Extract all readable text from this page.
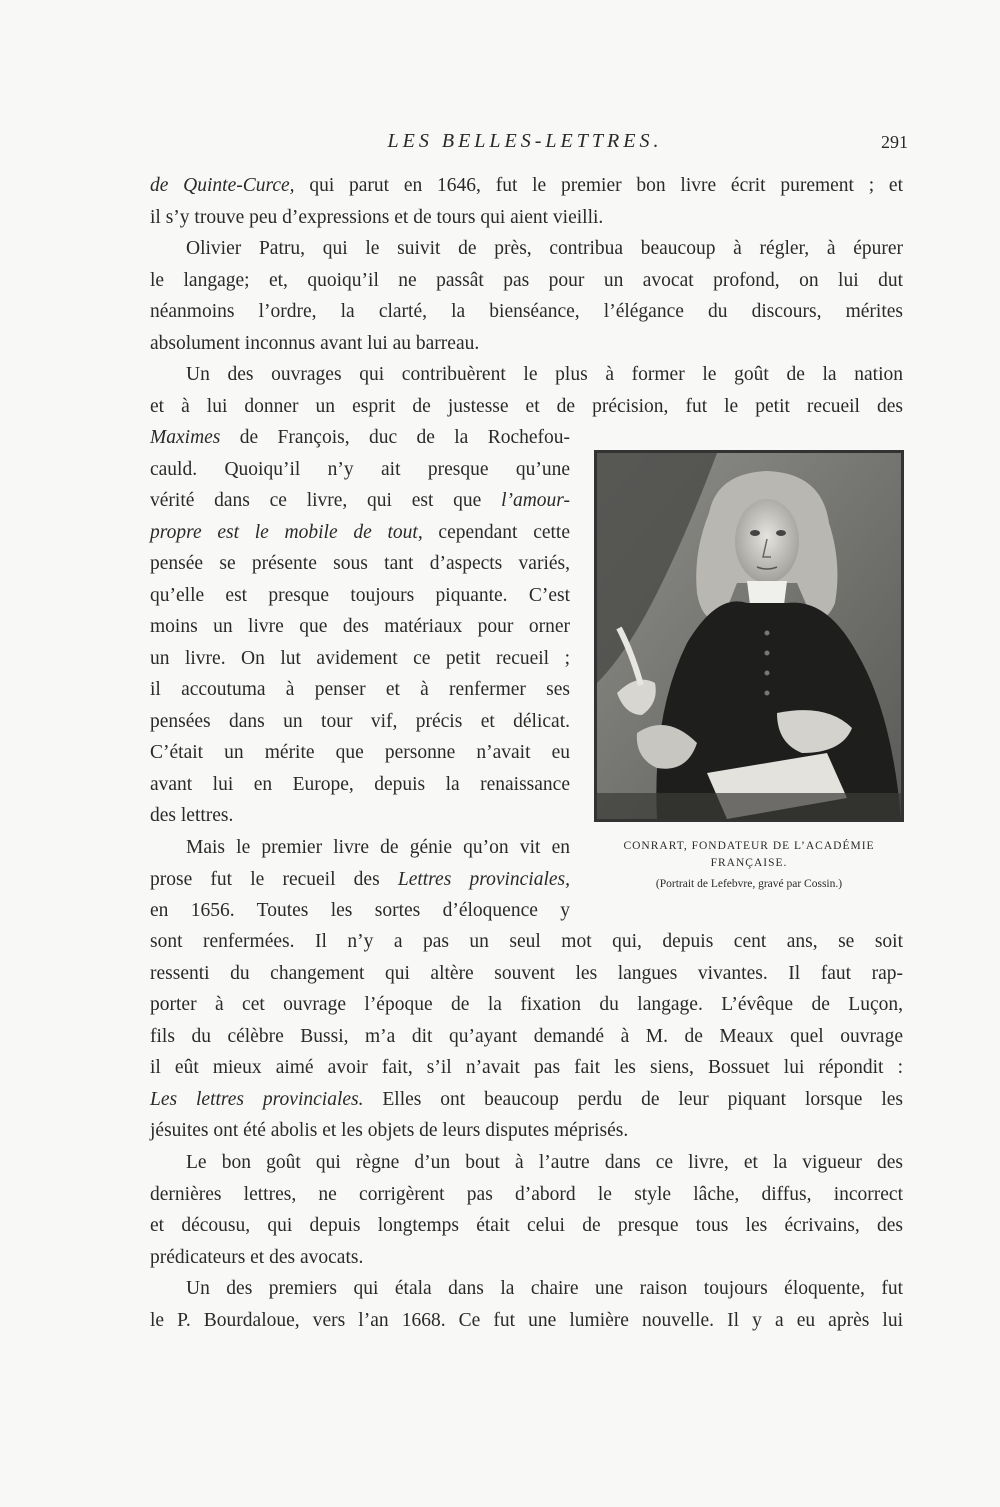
LES BELLES-LETTRES.	291
de Quinte-Curce, qui parut en 1646, fut le premier bon livre écrit purement ; et
il s’y trouve peu d’expressions et de tours qui aient vieilli.
Olivier Patru, qui le suivit de près, contribua beaucoup à régler, à épurer
le langage; et, quoiqu’il ne passât pas pour un avocat profond, on lui dut
néanmoins l’ordre, la clarté, la bienséance, l’élégance du discours, mérites
absolument inconnus avant lui au barreau.
Un des ouvrages qui contribuèrent le plus à former le goût de la nation
et à lui donner un esprit de justesse et de précision, fut le petit recueil des
Maximes de François, duc de la Rochefou-
cauld. Quoiqu’il n’y ait presque qu’une
vérité dans ce livre, qui est que l’amour-
propre est le mobile de tout, cependant cette
pensée se présente sous tant d’aspects variés,
qu’elle est presque toujours piquante. C’est
moins un livre que des matériaux pour orner
un livre. On lut avidement ce petit recueil ;
il accoutuma à penser et à renfermer ses
pensées dans un tour vif, précis et délicat.
C’était un mérite que personne n’avait eu
avant lui en Europe, depuis la renaissance
des lettres.
Mais le premier livre de génie qu’on vit en
prose fut le recueil des Lettres provinciales,
en 1656. Toutes les sortes d’éloquence y
sont renfermées. Il n’y a pas un seul mot qui, depuis cent ans, se soit
ressenti du changement qui altère souvent les langues vivantes. Il faut rap-
porter à cet ouvrage l’époque de la fixation du langage. L’évêque de Luçon,
fils du célèbre Bussi, m’a dit qu’ayant demandé à M. de Meaux quel ouvrage
il eût mieux aimé avoir fait, s’il n’avait pas fait les siens, Bossuet lui répondit :
Les lettres provinciales. Elles ont beaucoup perdu de leur piquant lorsque les
jésuites ont été abolis et les objets de leurs disputes méprisés.
Le bon goût qui règne d’un bout à l’autre dans ce livre, et la vigueur des
dernières lettres, ne corrigèrent pas d’abord le style lâche, diffus, incorrect
et décousu, qui depuis longtemps était celui de presque tous les écrivains, des
prédicateurs et des avocats.
Un des premiers qui étala dans la chaire une raison toujours éloquente, fut
le P. Bourdaloue, vers l’an 1668. Ce fut une lumière nouvelle. Il y a eu après lui
CONRART, FONDATEUR DE L’ACADÉMIE FRANÇAISE.
(Portrait de Lefebvre, gravé par Cossin.)
